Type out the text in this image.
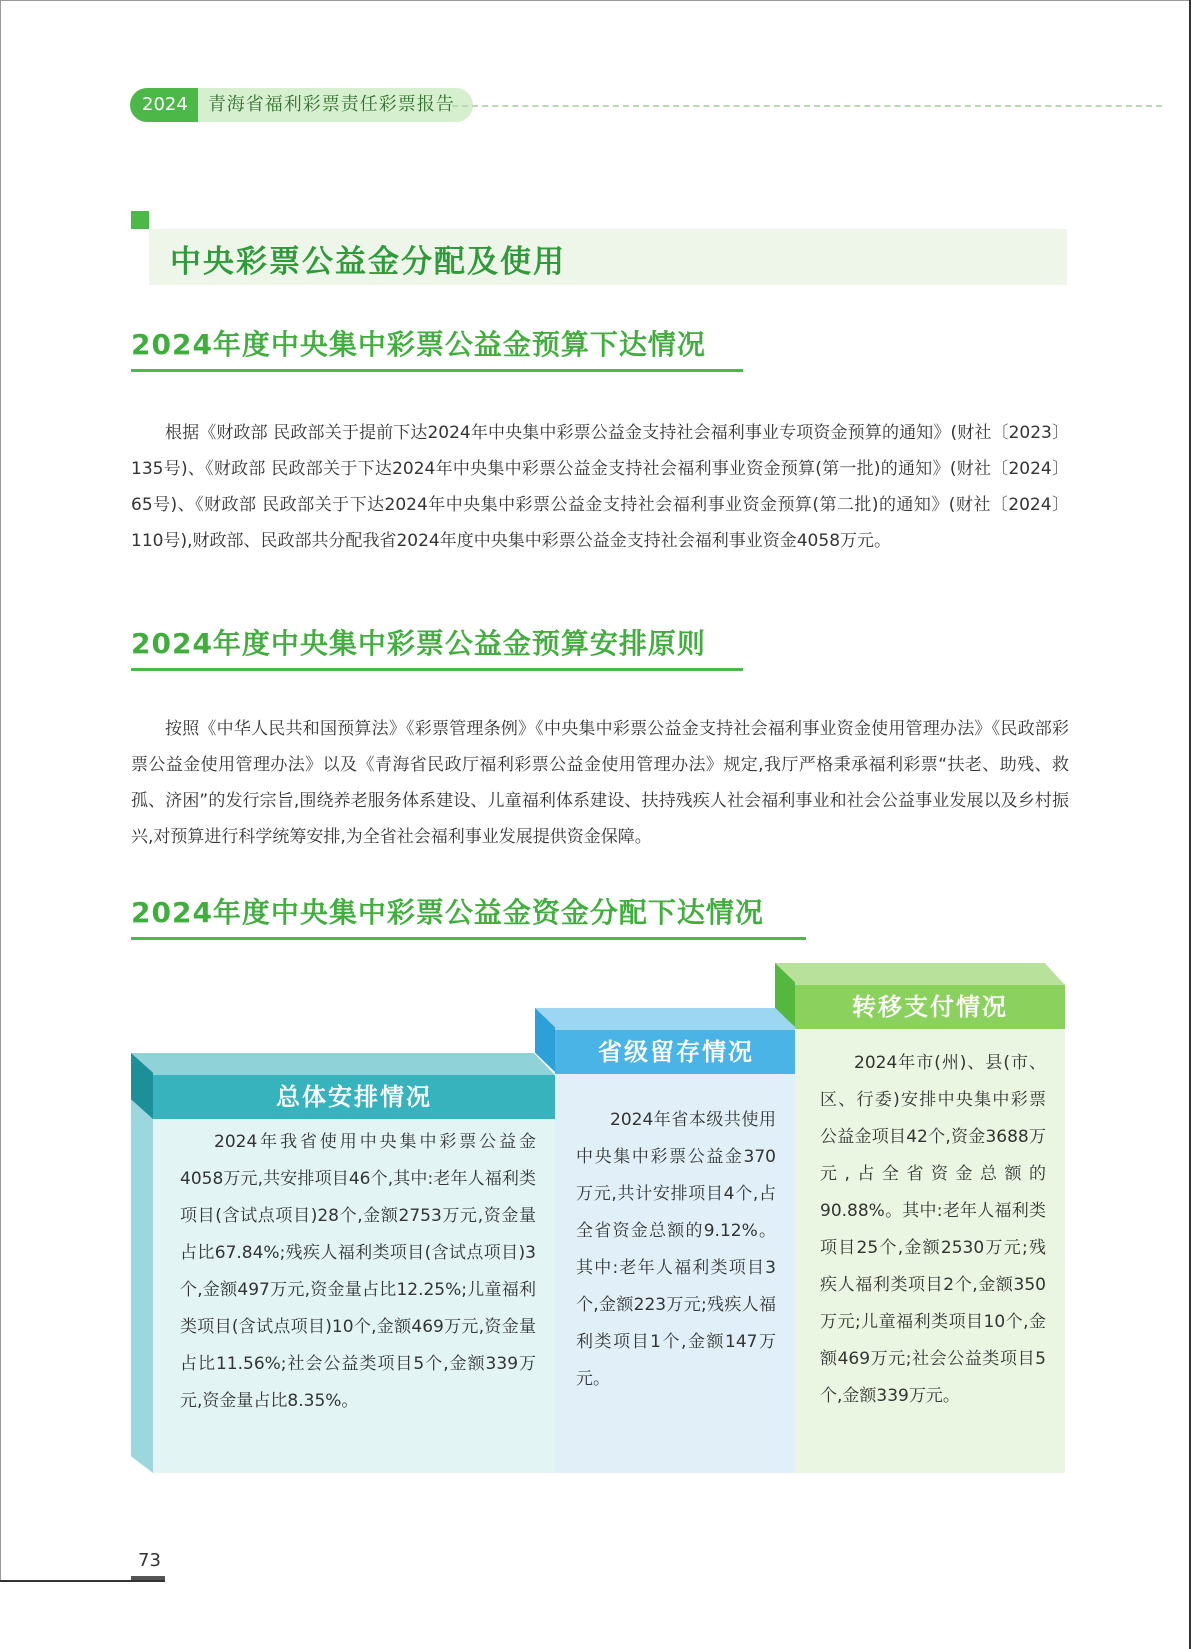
2024	青海省福利彩票责任彩票报告
中央彩票公益金分配及使用
2024年度中央集中彩票公益金预算下达情况
根据《财政部 民政部关于提前下达2024年中央集中彩票公益金支持社会福利事业专项资金预算的通知》(财社〔2023〕135号)、《财政部 民政部关于下达2024年中央集中彩票公益金支持社会福利事业资金预算(第一批)的通知》(财社〔2024〕65号)、《财政部 民政部关于下达2024年中央集中彩票公益金支持社会福利事业资金预算(第二批)的通知》(财社〔2024〕110号),财政部、民政部共分配我省2024年度中央集中彩票公益金支持社会福利事业资金4058万元。
2024年度中央集中彩票公益金预算安排原则
按照《中华人民共和国预算法》《彩票管理条例》《中央集中彩票公益金支持社会福利事业资金使用管理办法》《民政部彩票公益金使用管理办法》以及《青海省民政厅福利彩票公益金使用管理办法》规定,我厅严格秉承福利彩票“扶老、助残、救孤、济困”的发行宗旨,围绕养老服务体系建设、儿童福利体系建设、扶持残疾人社会福利事业和社会公益事业发展以及乡村振兴,对预算进行科学统筹安排,为全省社会福利事业发展提供资金保障。
2024年度中央集中彩票公益金资金分配下达情况
总体安排情况
2024年我省使用中央集中彩票公益金4058万元,共安排项目46个,其中:老年人福利类项目(含试点项目)28个,金额2753万元,资金量占比67.84%;残疾人福利类项目(含试点项目)3个,金额497万元,资金量占比12.25%;儿童福利类项目(含试点项目)10个,金额469万元,资金量占比11.56%;社会公益类项目5个,金额339万元,资金量占比8.35%。
省级留存情况
2024年省本级共使用中央集中彩票公益金370万元,共计安排项目4个,占全省资金总额的9.12%。其中:老年人福利类项目3个,金额223万元;残疾人福利类项目1个,金额147万元。
转移支付情况
2024年市(州)、县(市、区、行委)安排中央集中彩票公益金项目42个,资金3688万元,占全省资金总额的90.88%。其中:老年人福利类项目25个,金额2530万元;残疾人福利类项目2个,金额350万元;儿童福利类项目10个,金额469万元;社会公益类项目5个,金额339万元。
73
